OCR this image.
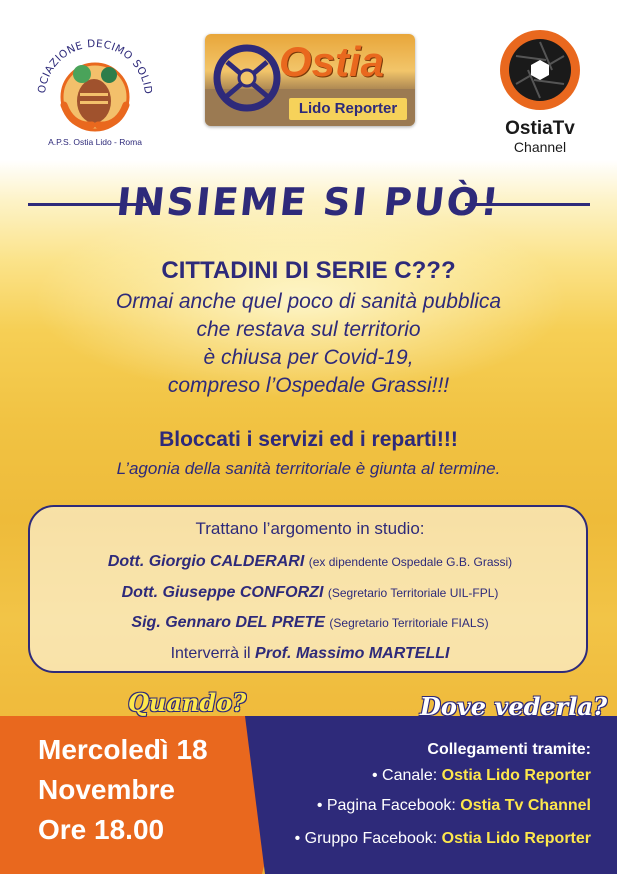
OCIAZIONE DECIMO SOLID
A.P.S. Ostia Lido - Roma
Ostia
Lido Reporter
OstiaTv
Channel
INSIEME SI PUÒ!
CITTADINI DI SERIE C???
Ormai anche quel poco di sanità pubblica
che restava sul territorio
è chiusa per Covid-19,
compreso l’Ospedale Grassi!!!
Bloccati i servizi ed i reparti!!!
L’agonia della sanità territoriale è giunta al termine.
Trattano l’argomento in studio:
Dott. Giorgio CALDERARI (ex dipendente Ospedale G.B. Grassi)
Dott. Giuseppe CONFORZI (Segretario Territoriale UIL-FPL)
Sig. Gennaro DEL PRETE (Segretario Territoriale FIALS)
Interverrà il Prof. Massimo MARTELLI
Quando?
Mercoledì 18
Novembre
Ore 18.00
Dove vederla?
Collegamenti tramite:
• Canale: Ostia Lido Reporter
• Pagina Facebook: Ostia Tv Channel
• Gruppo Facebook: Ostia Lido Reporter
